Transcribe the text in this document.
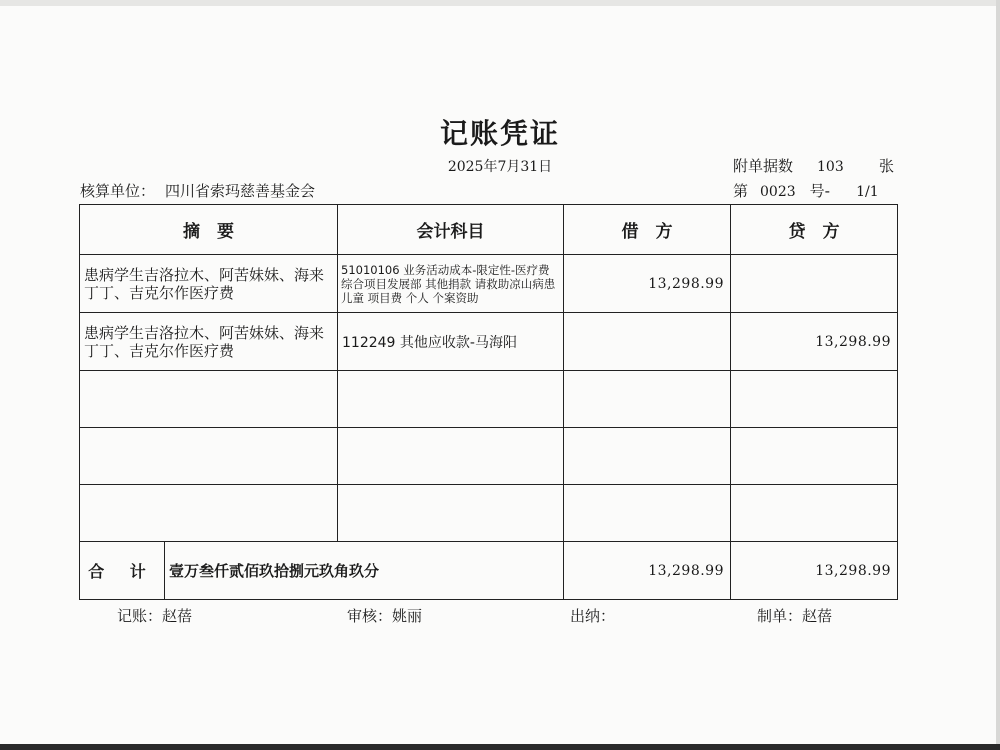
记账凭证
2025年7月31日	附单据数 103 张
核算单位： 四川省索玛慈善基金会	第 0023 号- 1/1
摘　要	会计科目	借　方	贷　方
患病学生吉洛拉木、阿苦妹妹、海来丁丁、吉克尔作医疗费	51010106 业务活动成本-限定性-医疗费 综合项目发展部 其他捐款 请救助凉山病患儿童 项目费 个人 个案资助	13,298.99	
患病学生吉洛拉木、阿苦妹妹、海来丁丁、吉克尔作医疗费	112249 其他应收款-马海阳		13,298.99

合 计 壹万叁仟贰佰玖拾捌元玖角玖分		13,298.99	13,298.99
记账：赵蓓	审核：姚丽	出纳：	制单：赵蓓
